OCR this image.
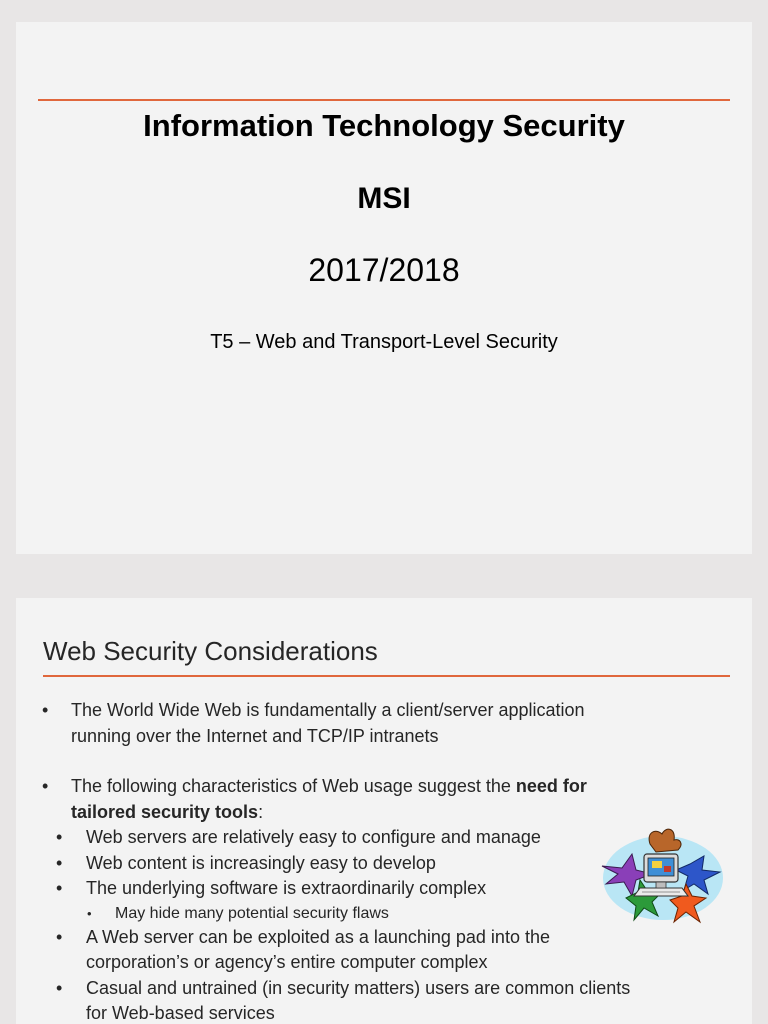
Information Technology Security
MSI
2017/2018
T5 – Web and Transport-Level Security
Web Security Considerations
• The World Wide Web is fundamentally a client/server application
running over the Internet and TCP/IP intranets
• The following characteristics of Web usage suggest the need for
tailored security tools:
• Web servers are relatively easy to configure and manage
• Web content is increasingly easy to develop
• The underlying software is extraordinarily complex
• May hide many potential security flaws
• A Web server can be exploited as a launching pad into the
corporation’s or agency’s entire computer complex
• Casual and untrained (in security matters) users are common clients
for Web-based services
